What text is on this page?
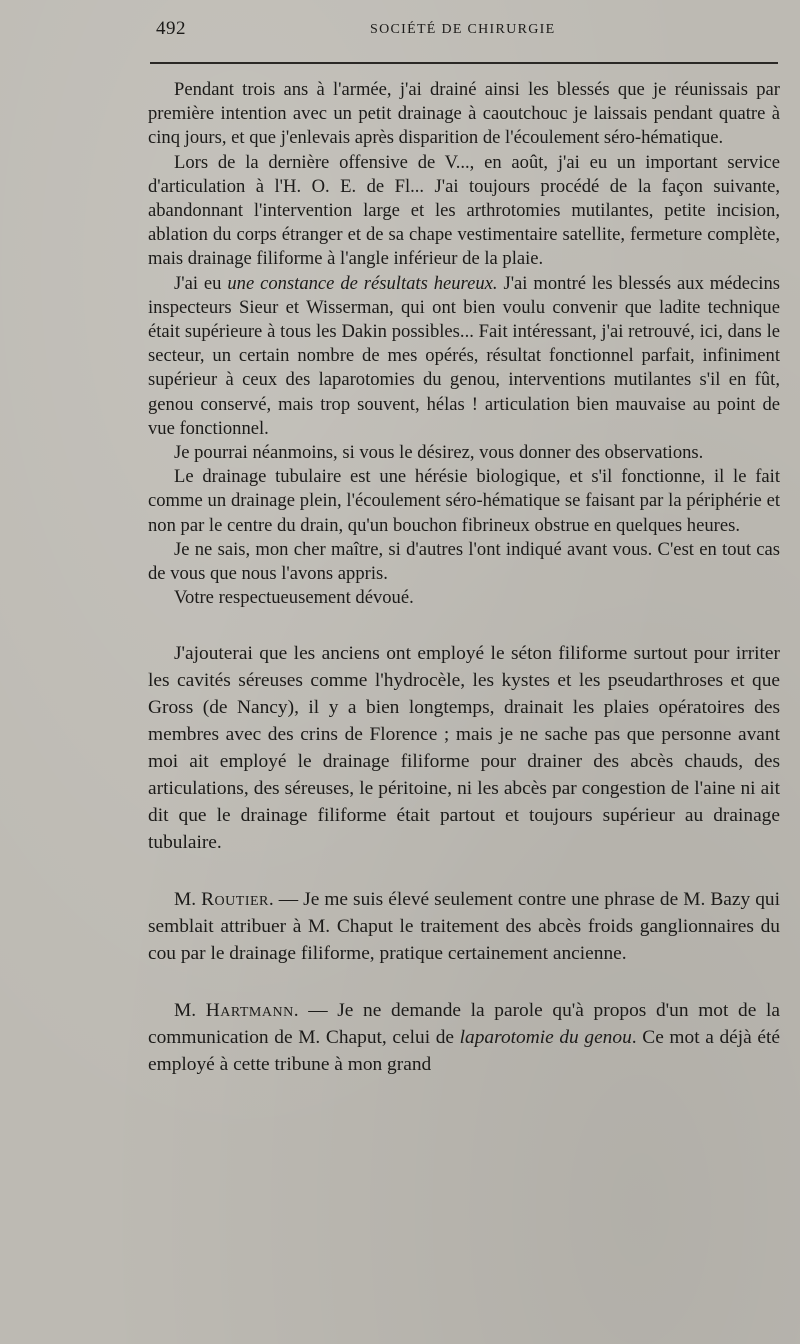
492	SOCIÉTÉ DE CHIRURGIE

Pendant trois ans à l'armée, j'ai drainé ainsi les blessés que je réunissais par première intention avec un petit drainage à caoutchouc je laissais pendant quatre à cinq jours, et que j'enlevais après disparition de l'écoulement séro-hématique.

Lors de la dernière offensive de V..., en août, j'ai eu un important service d'articulation à l'H. O. E. de Fl... J'ai toujours procédé de la façon suivante, abandonnant l'intervention large et les arthrotomies mutilantes, petite incision, ablation du corps étranger et de sa chape vestimentaire satellite, fermeture complète, mais drainage filiforme à l'angle inférieur de la plaie.

J'ai eu une constance de résultats heureux. J'ai montré les blessés aux médecins inspecteurs Sieur et Wisserman, qui ont bien voulu convenir que ladite technique était supérieure à tous les Dakin possibles... Fait intéressant, j'ai retrouvé, ici, dans le secteur, un certain nombre de mes opérés, résultat fonctionnel parfait, infiniment supérieur à ceux des laparotomies du genou, interventions mutilantes s'il en fût, genou conservé, mais trop souvent, hélas ! articulation bien mauvaise au point de vue fonctionnel.

Je pourrai néanmoins, si vous le désirez, vous donner des observations.

Le drainage tubulaire est une hérésie biologique, et s'il fonctionne, il le fait comme un drainage plein, l'écoulement séro-hématique se faisant par la périphérie et non par le centre du drain, qu'un bouchon fibrineux obstrue en quelques heures.

Je ne sais, mon cher maître, si d'autres l'ont indiqué avant vous. C'est en tout cas de vous que nous l'avons appris.

Votre respectueusement dévoué.

J'ajouterai que les anciens ont employé le séton filiforme surtout pour irriter les cavités séreuses comme l'hydrocèle, les kystes et les pseudarthroses et que Gross (de Nancy), il y a bien longtemps, drainait les plaies opératoires des membres avec des crins de Florence ; mais je ne sache pas que personne avant moi ait employé le drainage filiforme pour drainer des abcès chauds, des articulations, des séreuses, le péritoine, ni les abcès par congestion de l'aine ni ait dit que le drainage filiforme était partout et toujours supérieur au drainage tubulaire.

M. Routier. — Je me suis élevé seulement contre une phrase de M. Bazy qui semblait attribuer à M. Chaput le traitement des abcès froids ganglionnaires du cou par le drainage filiforme, pratique certainement ancienne.

M. Hartmann. — Je ne demande la parole qu'à propos d'un mot de la communication de M. Chaput, celui de laparotomie du genou. Ce mot a déjà été employé à cette tribune à mon grand
